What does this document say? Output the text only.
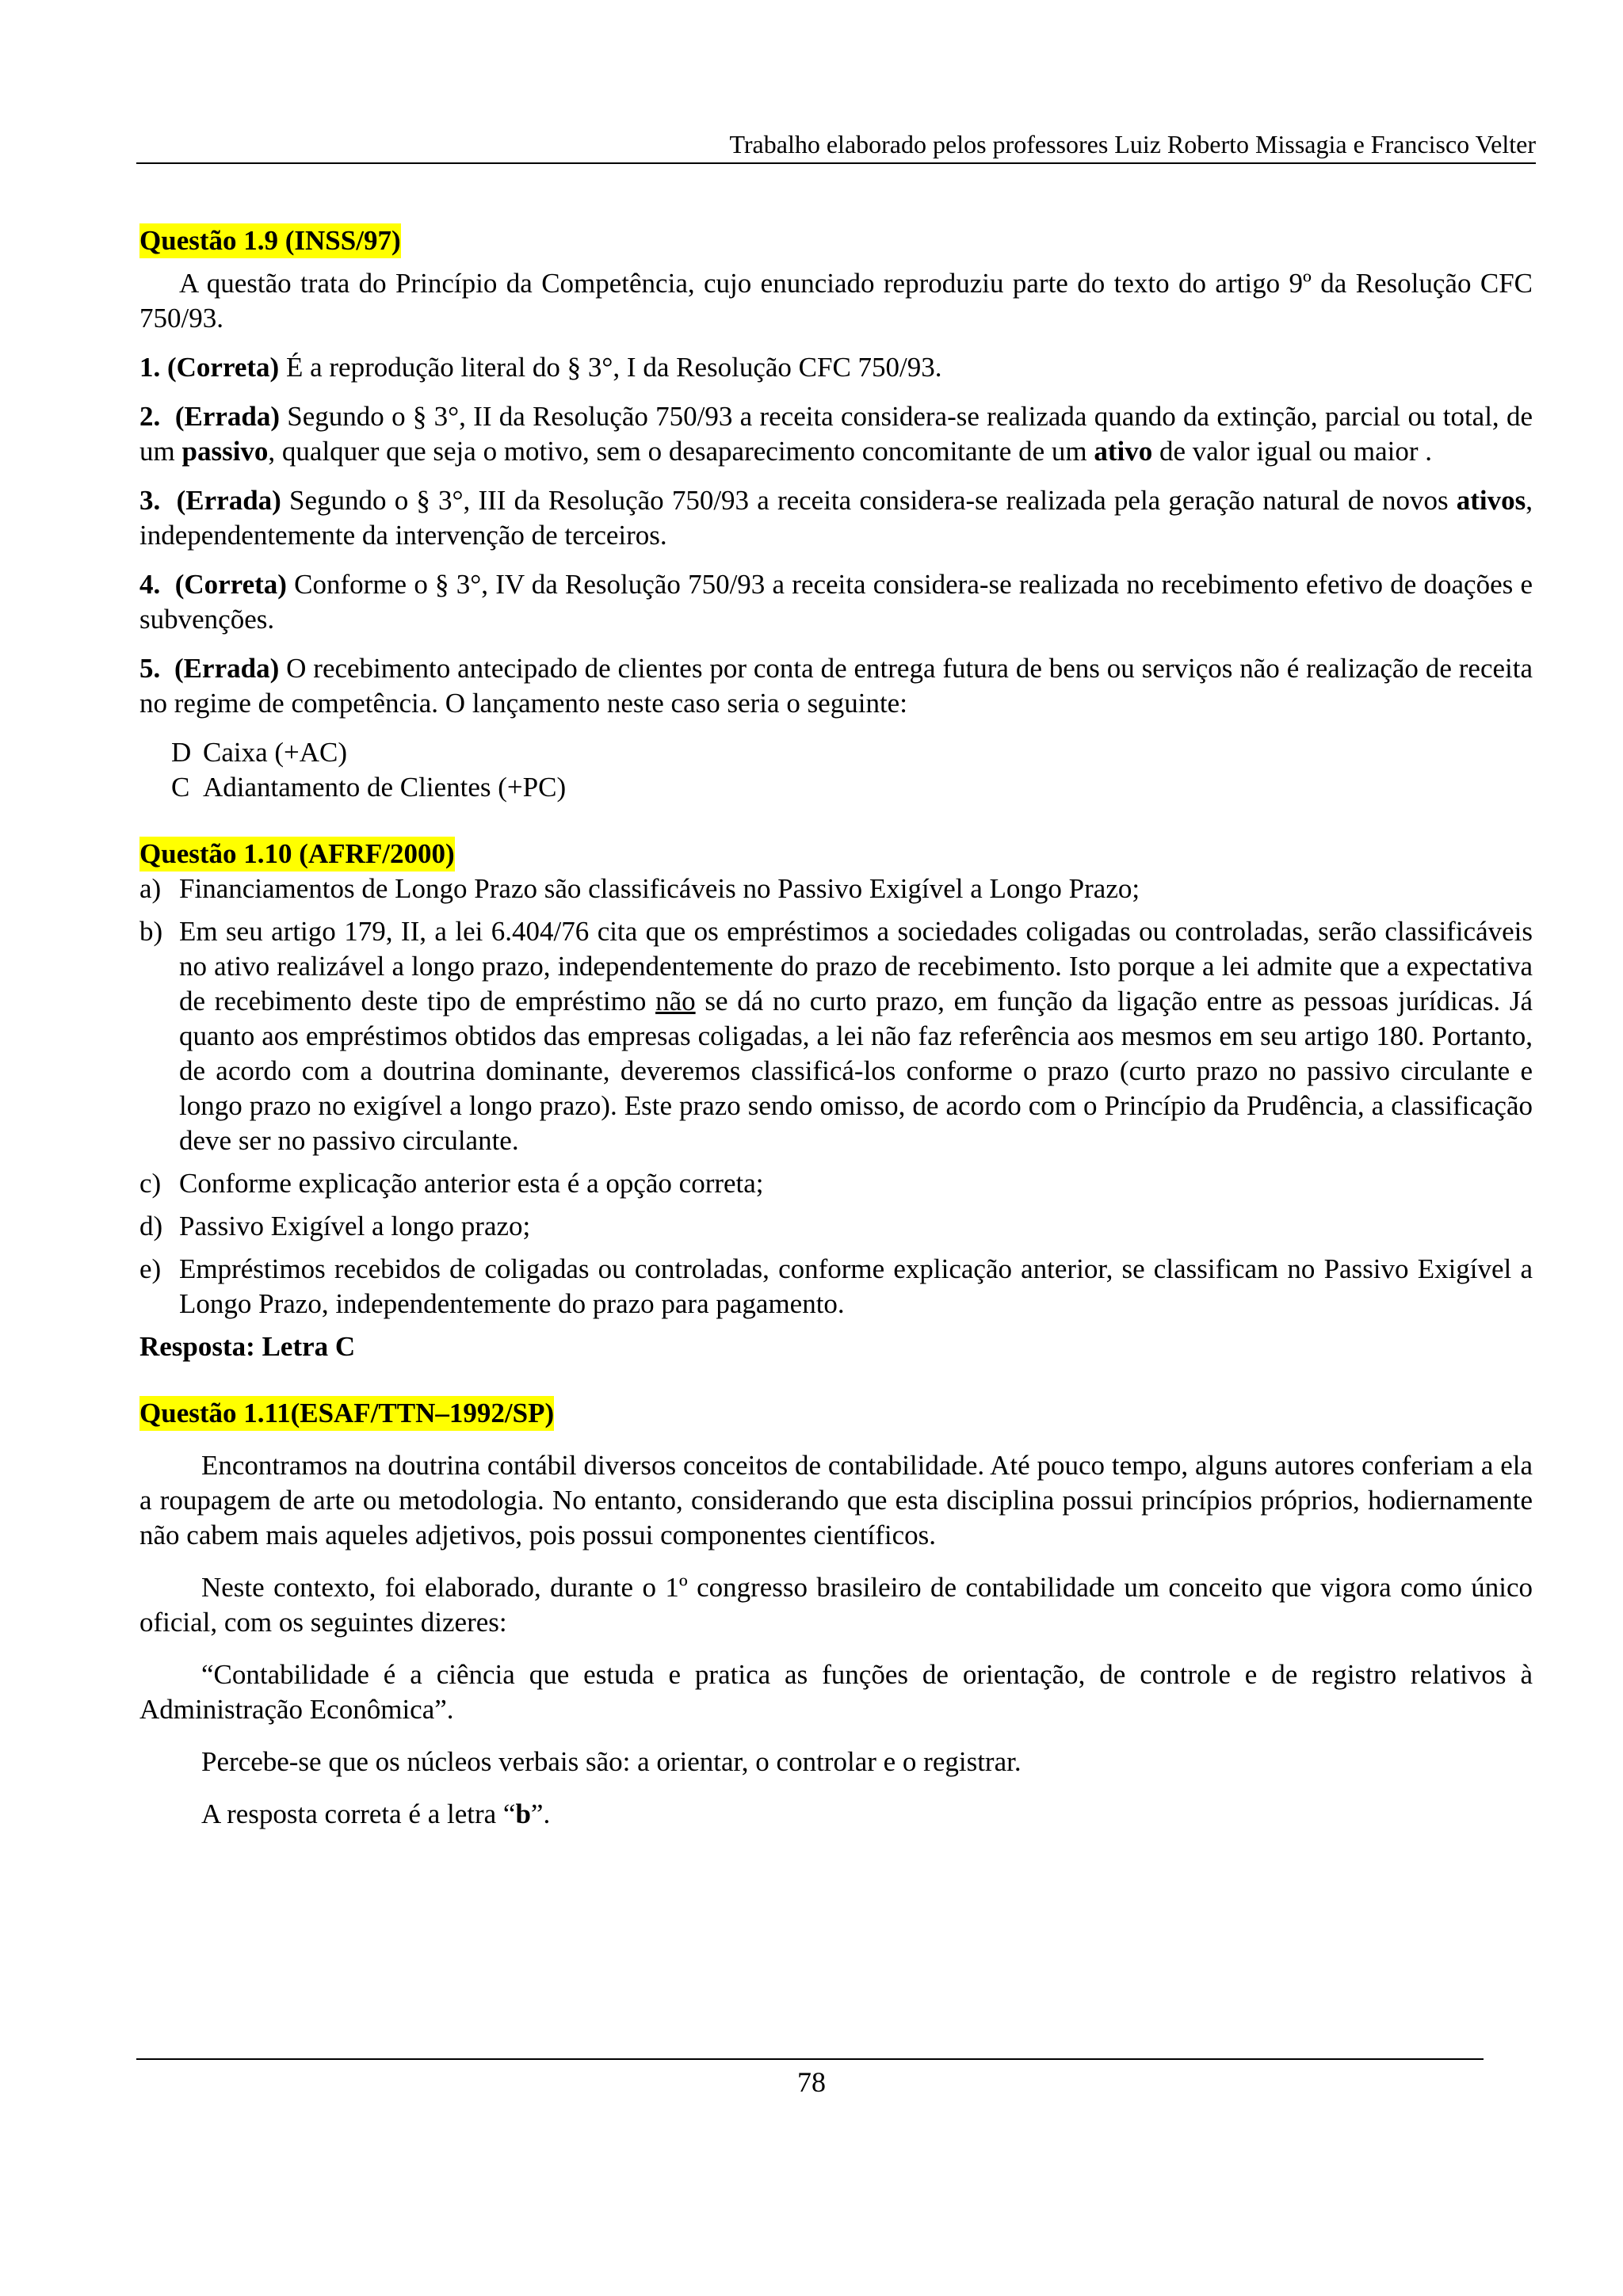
Trabalho elaborado pelos professores Luiz Roberto Missagia e Francisco Velter

Questão 1.9 (INSS/97)

A questão trata do Princípio da Competência, cujo enunciado reproduziu parte do texto do artigo 9º da Resolução CFC 750/93.

1. (Correta) É a reprodução literal do § 3°, I da Resolução CFC 750/93.

2. (Errada) Segundo o § 3°, II da Resolução 750/93 a receita considera-se realizada quando da extinção, parcial ou total, de um passivo, qualquer que seja o motivo, sem o desaparecimento concomitante de um ativo de valor igual ou maior .

3. (Errada) Segundo o § 3°, III da Resolução 750/93 a receita considera-se realizada pela geração natural de novos ativos, independentemente da intervenção de terceiros.

4. (Correta) Conforme o § 3°, IV da Resolução 750/93 a receita considera-se realizada no recebimento efetivo de doações e subvenções.

5. (Errada) O recebimento antecipado de clientes por conta de entrega futura de bens ou serviços não é realização de receita no regime de competência. O lançamento neste caso seria o seguinte:

D Caixa (+AC)
C Adiantamento de Clientes (+PC)

Questão 1.10 (AFRF/2000)

a) Financiamentos de Longo Prazo são classificáveis no Passivo Exigível a Longo Prazo;
b) Em seu artigo 179, II, a lei 6.404/76 cita que os empréstimos a sociedades coligadas ou controladas, serão classificáveis no ativo realizável a longo prazo, independentemente do prazo de recebimento. Isto porque a lei admite que a expectativa de recebimento deste tipo de empréstimo não se dá no curto prazo, em função da ligação entre as pessoas jurídicas. Já quanto aos empréstimos obtidos das empresas coligadas, a lei não faz referência aos mesmos em seu artigo 180. Portanto, de acordo com a doutrina dominante, deveremos classificá-los conforme o prazo (curto prazo no passivo circulante e longo prazo no exigível a longo prazo). Este prazo sendo omisso, de acordo com o Princípio da Prudência, a classificação deve ser no passivo circulante.
c) Conforme explicação anterior esta é a opção correta;
d) Passivo Exigível a longo prazo;
e) Empréstimos recebidos de coligadas ou controladas, conforme explicação anterior, se classificam no Passivo Exigível a Longo Prazo, independentemente do prazo para pagamento.

Resposta: Letra C

Questão 1.11(ESAF/TTN–1992/SP)

Encontramos na doutrina contábil diversos conceitos de contabilidade. Até pouco tempo, alguns autores conferiam a ela a roupagem de arte ou metodologia. No entanto, considerando que esta disciplina possui princípios próprios, hodiernamente não cabem mais aqueles adjetivos, pois possui componentes científicos.

Neste contexto, foi elaborado, durante o 1º congresso brasileiro de contabilidade um conceito que vigora como único oficial, com os seguintes dizeres:

“Contabilidade é a ciência que estuda e pratica as funções de orientação, de controle e de registro relativos à Administração Econômica”.

Percebe-se que os núcleos verbais são: a orientar, o controlar e o registrar.

A resposta correta é a letra “b”.

78
